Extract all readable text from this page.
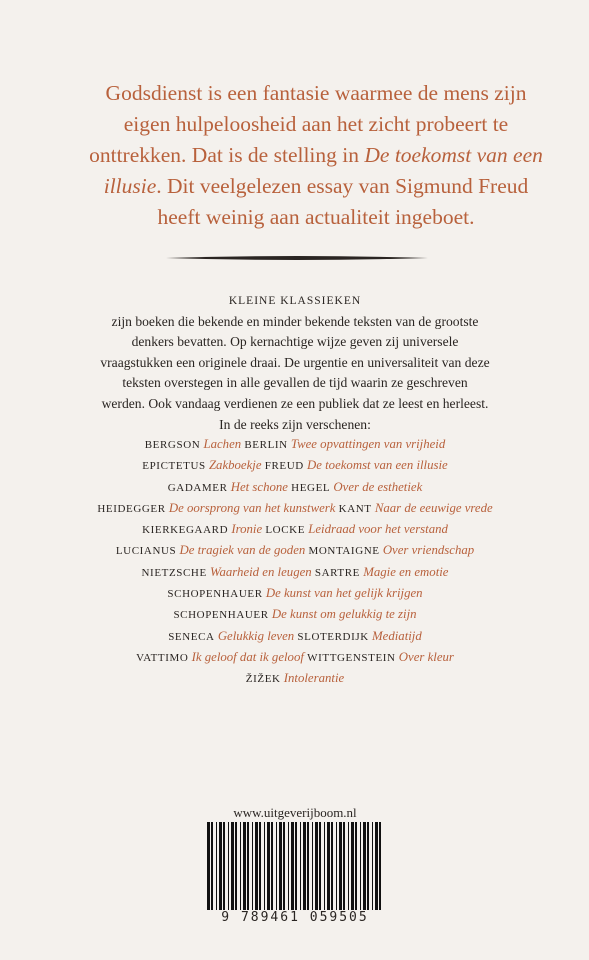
Godsdienst is een fantasie waarmee de mens zijn eigen hulpeloosheid aan het zicht probeert te onttrekken. Dat is de stelling in De toekomst van een illusie. Dit veelgelezen essay van Sigmund Freud heeft weinig aan actualiteit ingeboet.
KLEINE KLASSIEKEN
zijn boeken die bekende en minder bekende teksten van de grootste denkers bevatten. Op kernachtige wijze geven zij universele vraagstukken een originele draai. De urgentie en universaliteit van deze teksten overstegen in alle gevallen de tijd waarin ze geschreven werden. Ook vandaag verdienen ze een publiek dat ze leest en herleest. In de reeks zijn verschenen:
BERGSON Lachen BERLIN Twee opvattingen van vrijheid
EPICTETUS Zakboekje FREUD De toekomst van een illusie
GADAMER Het schone HEGEL Over de esthetiek
HEIDEGGER De oorsprong van het kunstwerk KANT Naar de eeuwige vrede
KIERKEGAARD Ironie LOCKE Leidraad voor het verstand
LUCIANUS De tragiek van de goden MONTAIGNE Over vriendschap
NIETZSCHE Waarheid en leugen SARTRE Magie en emotie
SCHOPENHAUER De kunst van het gelijk krijgen
SCHOPENHAUER De kunst om gelukkig te zijn
SENECA Gelukkig leven SLOTERDIJK Mediatijd
VATTIMO Ik geloof dat ik geloof WITTGENSTEIN Over kleur
ŽIŽEK Intolerantie
www.uitgeverijboom.nl
9 789461 059505
